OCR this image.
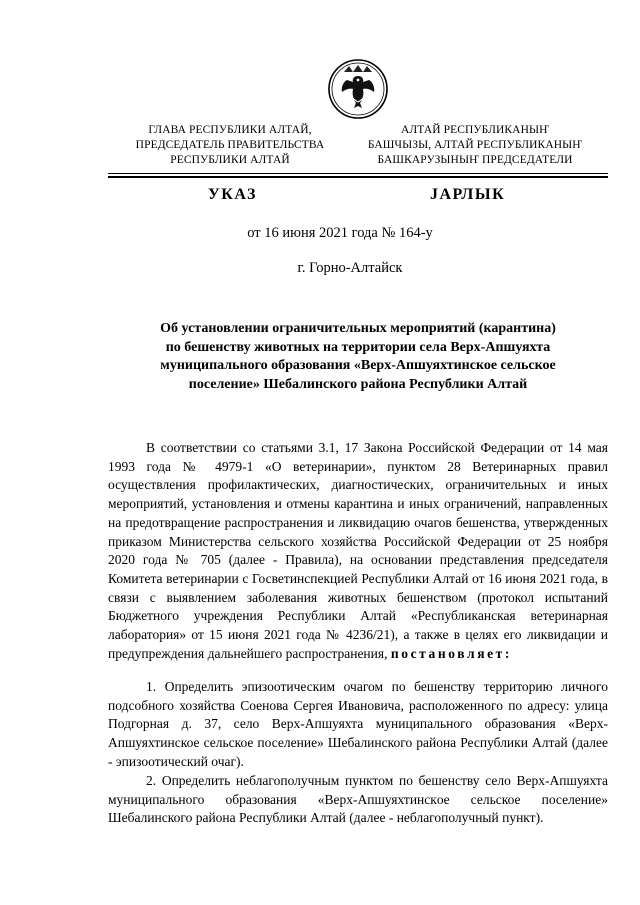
ГЛАВА РЕСПУБЛИКИ АЛТАЙ,
ПРЕДСЕДАТЕЛЬ ПРАВИТЕЛЬСТВА
РЕСПУБЛИКИ АЛТАЙ
АЛТАЙ РЕСПУБЛИКАНЫҤ
БАШЧЫЗЫ, АЛТАЙ РЕСПУБЛИКАНЫҤ
БАШКАРУЗЫНЫҤ ПРЕДСЕДАТЕЛИ
УКАЗ	ЈАРЛЫК
от 16 июня 2021 года № 164-у
г. Горно-Алтайск
Об установлении ограничительных мероприятий (карантина)
по бешенству животных на территории села Верх-Апшуяхта
муниципального образования «Верх-Апшуяхтинское сельское
поселение» Шебалинского района Республики Алтай
В соответствии со статьями 3.1, 17 Закона Российской Федерации от 14 мая 1993 года № 4979-1 «О ветеринарии», пунктом 28 Ветеринарных правил осуществления профилактических, диагностических, ограничительных и иных мероприятий, установления и отмены карантина и иных ограничений, направленных на предотвращение распространения и ликвидацию очагов бешенства, утвержденных приказом Министерства сельского хозяйства Российской Федерации от 25 ноября 2020 года № 705 (далее - Правила), на основании представления председателя Комитета ветеринарии с Госветинспекцией Республики Алтай от 16 июня 2021 года, в связи с выявлением заболевания животных бешенством (протокол испытаний Бюджетного учреждения Республики Алтай «Республиканская ветеринарная лаборатория» от 15 июня 2021 года № 4236/21), а также в целях его ликвидации и предупреждения дальнейшего распространения, постановляет:
1. Определить эпизоотическим очагом по бешенству территорию личного подсобного хозяйства Соенова Сергея Ивановича, расположенного по адресу: улица Подгорная д. 37, село Верх-Апшуяхта муниципального образования «Верх-Апшуяхтинское сельское поселение» Шебалинского района Республики Алтай (далее - эпизоотический очаг).
2. Определить неблагополучным пунктом по бешенству село Верх-Апшуяхта муниципального образования «Верх-Апшуяхтинскoе сельское поселение» Шебалинского района Республики Алтай (далее - неблагополучный пункт).
